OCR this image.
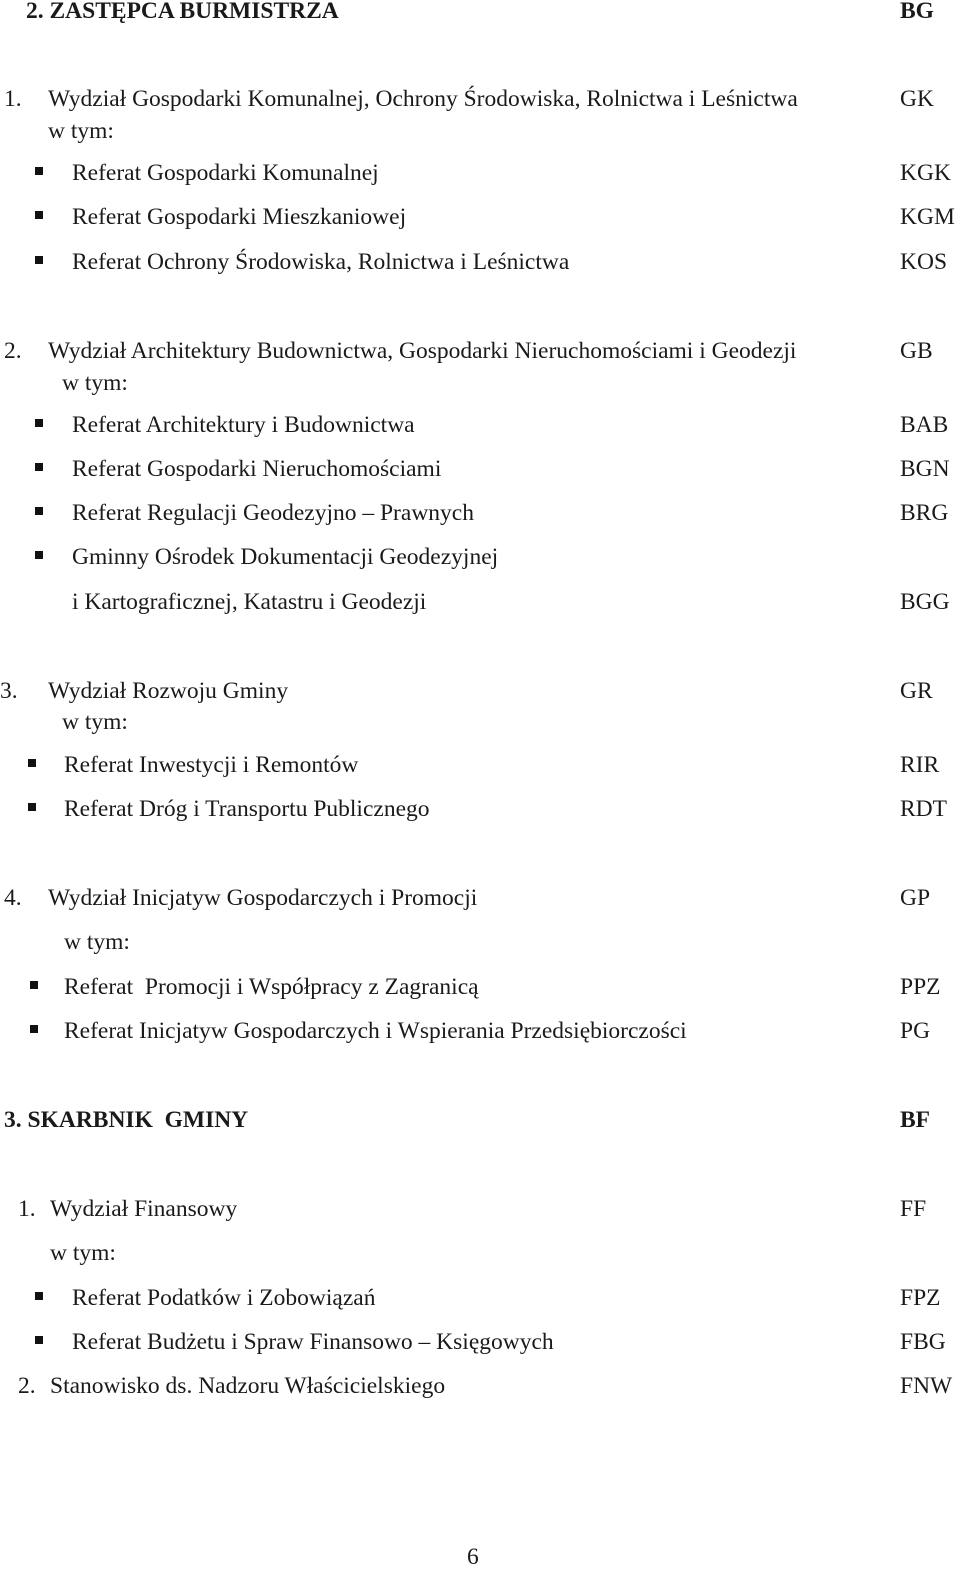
2. ZASTĘPCA BURMISTRZA	BG
1. Wydział Gospodarki Komunalnej, Ochrony Środowiska, Rolnictwa i Leśnictwa	GK
w tym:
Referat Gospodarki Komunalnej	KGK
Referat Gospodarki Mieszkaniowej	KGM
Referat Ochrony Środowiska, Rolnictwa i Leśnictwa	KOS
2. Wydział Architektury Budownictwa, Gospodarki Nieruchomościami i Geodezji	GB
w tym:
Referat Architektury i Budownictwa	BAB
Referat Gospodarki Nieruchomościami	BGN
Referat Regulacji Geodezyjno – Prawnych	BRG
Gminny Ośrodek Dokumentacji Geodezyjnej
i Kartograficznej, Katastru i Geodezji	BGG
3. Wydział Rozwoju Gminy	GR
w tym:
Referat Inwestycji i Remontów	RIR
Referat Dróg i Transportu Publicznego	RDT
4. Wydział Inicjatyw Gospodarczych i Promocji	GP
w tym:
Referat  Promocji i Współpracy z Zagranicą	PPZ
Referat Inicjatyw Gospodarczych i Wspierania Przedsiębiorczości	PG
3. SKARBNIK  GMINY	BF
1. Wydział Finansowy	FF
w tym:
Referat Podatków i Zobowiązań	FPZ
Referat Budżetu i Spraw Finansowo – Księgowych	FBG
2. Stanowisko ds. Nadzoru Właścicielskiego	FNW
6
